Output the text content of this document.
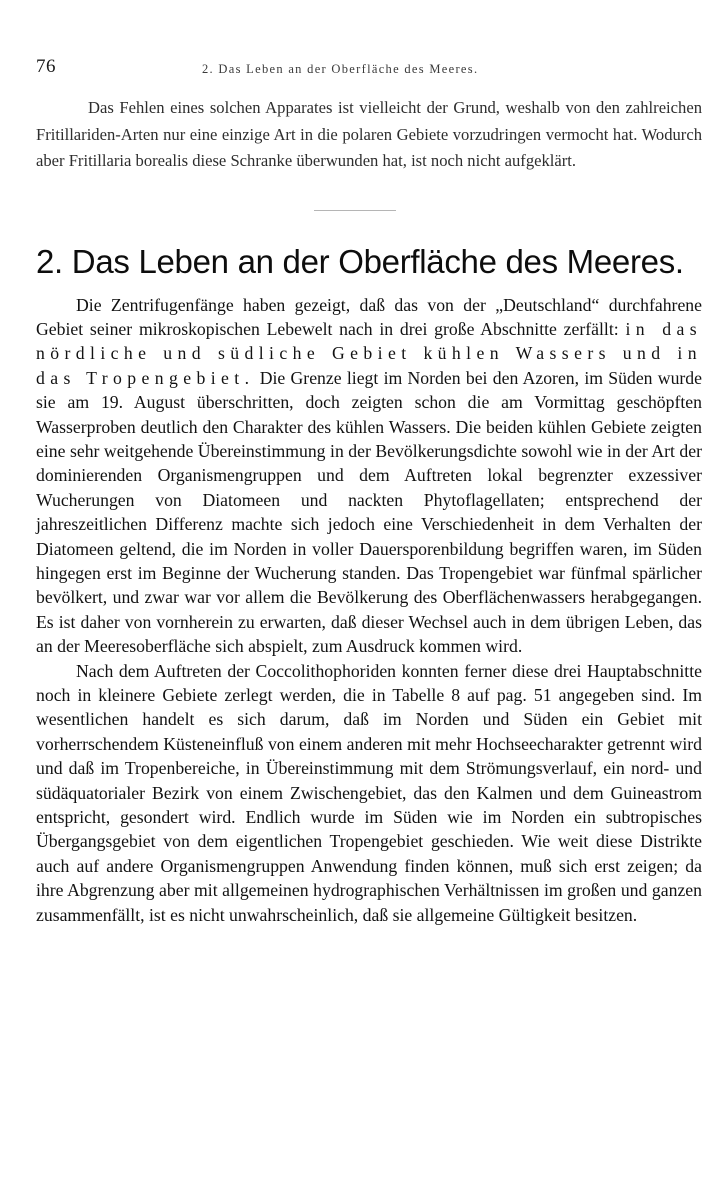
76	2. Das Leben an der Oberfläche des Meeres.

Das Fehlen eines solchen Apparates ist vielleicht der Grund, weshalb von den zahlreichen Fritillariden-Arten nur eine einzige Art in die polaren Gebiete vorzudringen vermocht hat. Wodurch aber Fritillaria borealis diese Schranke überwunden hat, ist noch nicht aufgeklärt.

2. Das Leben an der Oberfläche des Meeres.

Die Zentrifugenfänge haben gezeigt, daß das von der „Deutschland“ durchfahrene Gebiet seiner mikroskopischen Lebewelt nach in drei große Abschnitte zerfällt: in das nördliche und südliche Gebiet kühlen Wassers und in das Tropengebiet. Die Grenze liegt im Norden bei den Azoren, im Süden wurde sie am 19. August überschritten, doch zeigten schon die am Vormittag geschöpften Wasserproben deutlich den Charakter des kühlen Wassers. Die beiden kühlen Gebiete zeigten eine sehr weitgehende Übereinstimmung in der Bevölkerungsdichte sowohl wie in der Art der dominierenden Organismengruppen und dem Auftreten lokal begrenzter exzessiver Wucherungen von Diatomeen und nackten Phytoflagellaten; entsprechend der jahreszeitlichen Differenz machte sich jedoch eine Verschiedenheit in dem Verhalten der Diatomeen geltend, die im Norden in voller Dauersporenbildung begriffen waren, im Süden hingegen erst im Beginne der Wucherung standen. Das Tropengebiet war fünfmal spärlicher bevölkert, und zwar war vor allem die Bevölkerung des Oberflächenwassers herabgegangen. Es ist daher von vornherein zu erwarten, daß dieser Wechsel auch in dem übrigen Leben, das an der Meeresoberfläche sich abspielt, zum Ausdruck kommen wird.

Nach dem Auftreten der Coccolithophoriden konnten ferner diese drei Hauptabschnitte noch in kleinere Gebiete zerlegt werden, die in Tabelle 8 auf pag. 51 angegeben sind. Im wesentlichen handelt es sich darum, daß im Norden und Süden ein Gebiet mit vorherrschendem Küsteneinfluß von einem anderen mit mehr Hochseecharakter getrennt wird und daß im Tropenbereiche, in Übereinstimmung mit dem Strömungsverlauf, ein nord- und südäquatorialer Bezirk von einem Zwischengebiet, das den Kalmen und dem Guineastrom entspricht, gesondert wird. Endlich wurde im Süden wie im Norden ein subtropisches Übergangsgebiet von dem eigentlichen Tropengebiet geschieden. Wie weit diese Distrikte auch auf andere Organismengruppen Anwendung finden können, muß sich erst zeigen; da ihre Abgrenzung aber mit allgemeinen hydrographischen Verhältnissen im großen und ganzen zusammenfällt, ist es nicht unwahrscheinlich, daß sie allgemeine Gültigkeit besitzen.
